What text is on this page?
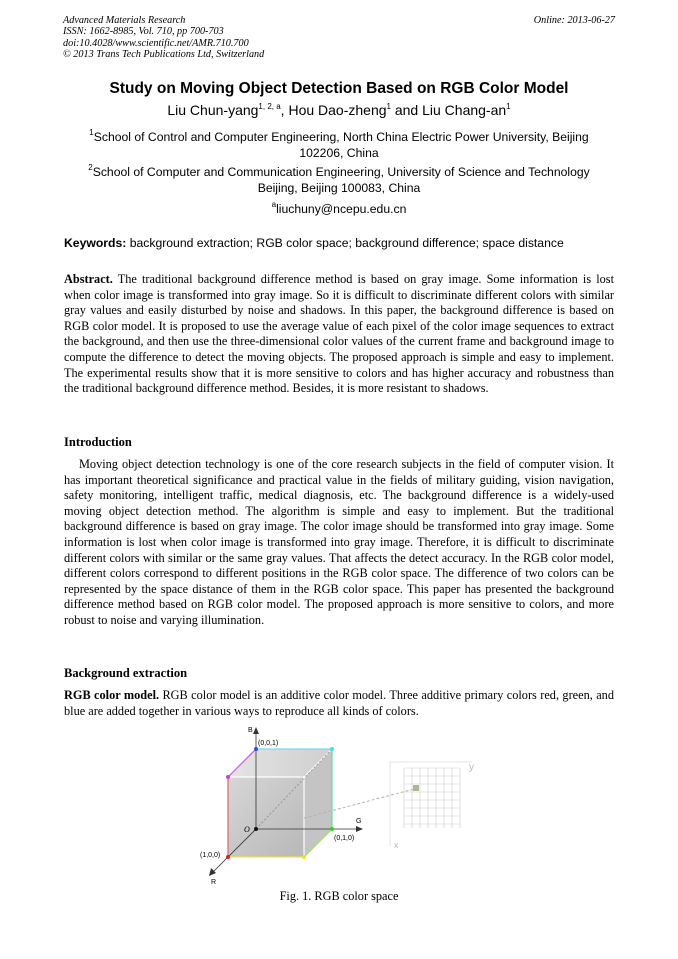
Advanced Materials Research
ISSN: 1662-8985, Vol. 710, pp 700-703
doi:10.4028/www.scientific.net/AMR.710.700
© 2013 Trans Tech Publications Ltd, Switzerland
Online: 2013-06-27
Study on Moving Object Detection Based on RGB Color Model
Liu Chun-yang$^{1, 2, a}$, Hou Dao-zheng$^1$ and Liu Chang-$an^1$
$^1$School of Control and Computer Engineering, North China Electric Power University, Beijing 102206, China
$^2$School of Computer and Communication Engineering, University of Science and Technology Beijing, Beijing 100083, China
$^a$liuchuny@ncepu.edu.cn
Keywords: background extraction; RGB color space; background difference; space distance
Abstract. The traditional background difference method is based on gray image. Some information is lost when color image is transformed into gray image. So it is difficult to discriminate different colors with similar gray values and easily disturbed by noise and shadows. In this paper, the background difference is based on RGB color model. It is proposed to use the average value of each pixel of the color image sequences to extract the background, and then use the three-dimensional color values of the current frame and background image to compute the difference to detect the moving objects. The proposed approach is simple and easy to implement. The experimental results show that it is more sensitive to colors and has higher accuracy and robustness than the traditional background difference method. Besides, it is more resistant to shadows.
Introduction
Moving object detection technology is one of the core research subjects in the field of computer vision. It has important theoretical significance and practical value in the fields of military guiding, vision navigation, safety monitoring, intelligent traffic, medical diagnosis, etc. The background difference is a widely-used moving object detection method. The algorithm is simple and easy to implement. But the traditional background difference is based on gray image. The color image should be transformed into gray image. Some information is lost when color image is transformed into gray image. Therefore, it is difficult to discriminate different colors with similar or the same gray values. That affects the detect accuracy. In the RGB color model, different colors correspond to different positions in the RGB color space. The difference of two colors can be represented by the space distance of them in the RGB color space. This paper has presented the background difference method based on RGB color model. The proposed approach is more sensitive to colors, and more robust to noise and varying illumination.
Background extraction
RGB color model. RGB color model is an additive color model. Three additive primary colors red, green, and blue are added together in various ways to reproduce all kinds of colors.
B
(0,0,1)
G
(0,1,0)
O
(1,0,0)
R
y
x
Fig. 1. RGB color space
